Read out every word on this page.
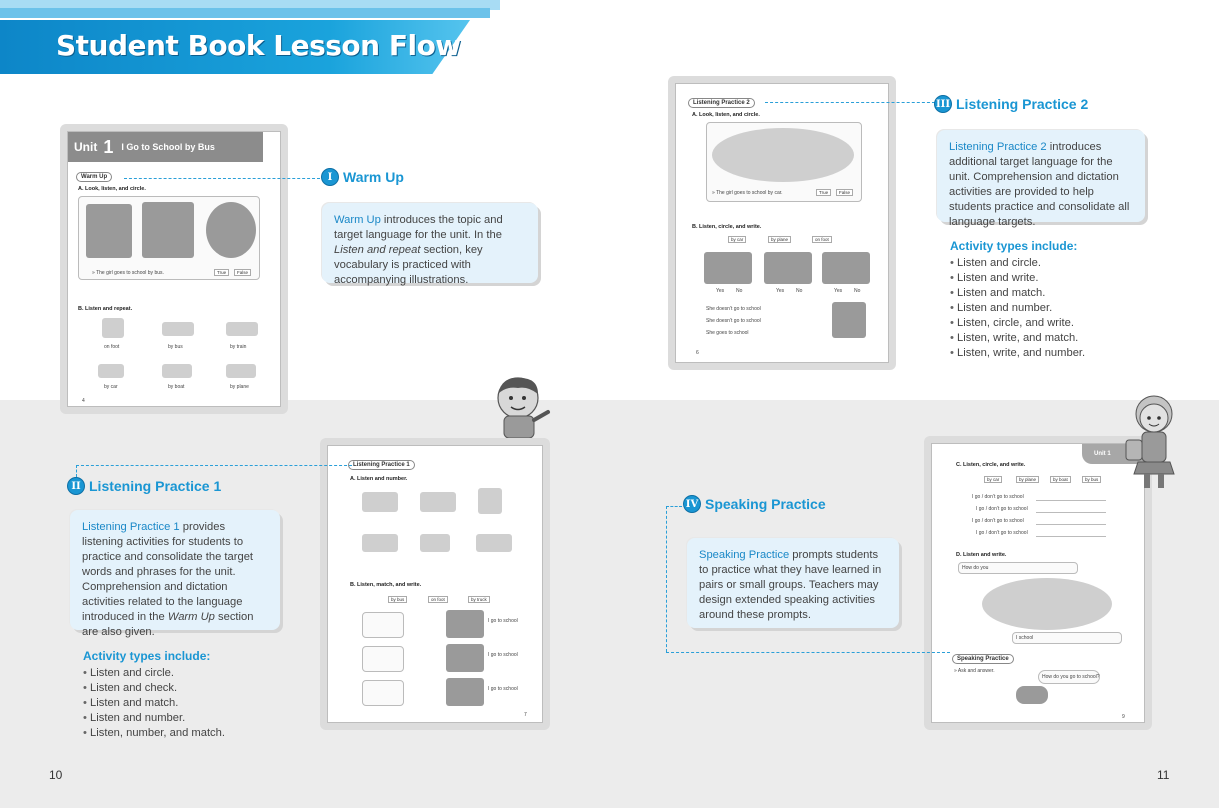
Student Book Lesson Flow
Unit 1 I Go to School by Bus
Warm Up
A. Look, listen, and circle.
» The girl goes to school by bus.	True	False
B. Listen and repeat.
on foot	by bus	by train
by car	by boat	by plane
4
I Warm Up
Warm Up introduces the topic and target language for the unit. In the Listen and repeat section, key vocabulary is practiced with accompanying illustrations.
Listening Practice 1
A. Listen and number.
B. Listen, match, and write.
by bus	on foot	by truck
I go to school
I go to school
I go to school
7
II Listening Practice 1
Listening Practice 1 provides listening activities for students to practice and consolidate the target words and phrases for the unit. Comprehension and dictation activities related to the language introduced in the Warm Up section are also given.
Activity types include:
• Listen and circle.
• Listen and check.
• Listen and match.
• Listen and number.
• Listen, number, and match.
Listening Practice 2
A. Look, listen, and circle.
» The girl goes to school by car.	True	False
B. Listen, circle, and write.
by car	by plane	on foot
Yes No	Yes No	Yes No
She doesn’t go to school
She doesn’t go to school
She goes to school
6
III Listening Practice 2
Listening Practice 2 introduces additional target language for the unit. Comprehension and dictation activities are provided to help students practice and consolidate all language targets.
Activity types include:
• Listen and circle.
• Listen and write.
• Listen and match.
• Listen and number.
• Listen, circle, and write.
• Listen, write, and match.
• Listen, write, and number.
Unit 1
C. Listen, circle, and write.
by car	by plane	by boat	by bus
I go / don’t go to school
I go / don’t go to school
I go / don’t go to school
I go / don’t go to school
D. Listen and write.
How do you
I school
Speaking Practice
» Ask and answer.
How do you go to school?
9
IV Speaking Practice
Speaking Practice prompts students to practice what they have learned in pairs or small groups. Teachers may design extended speaking activities around these prompts.
10	11
